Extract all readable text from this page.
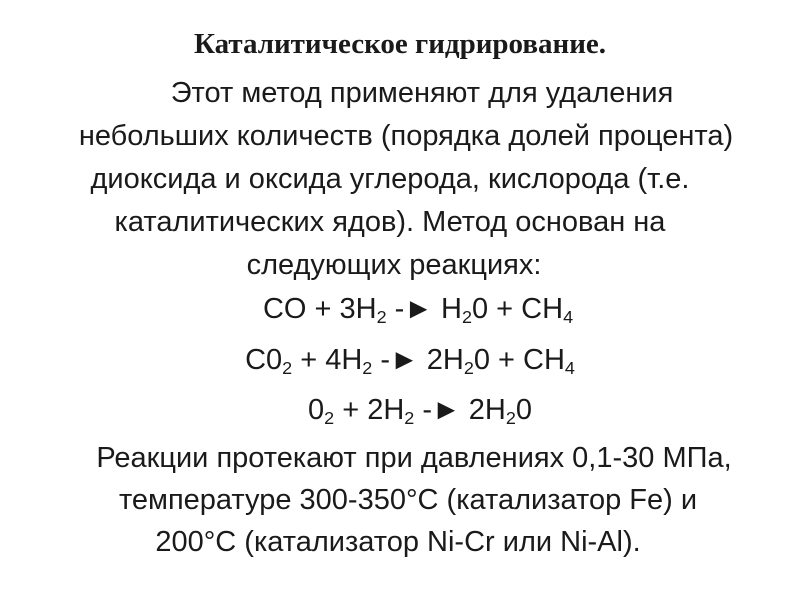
Каталитическое гидрирование.
Этот метод применяют для удаления
небольших количеств (порядка долей процента)
диоксида и оксида углерода, кислорода (т.е.
каталитических ядов). Метод основан на
следующих реакциях:
CO + $3H_2$ -► $H_20 + CH_4$
$C0_2 + 4H_2$ -► $2H_20 + CH_4$
$0_2 + 2H_2$ -► $2H_20$
Реакции протекают при давлениях 0,1-30 МПа,
температуре 300-350°С (катализатор Fe) и
200°С (катализатор Ni-Cr или Ni-Al).
